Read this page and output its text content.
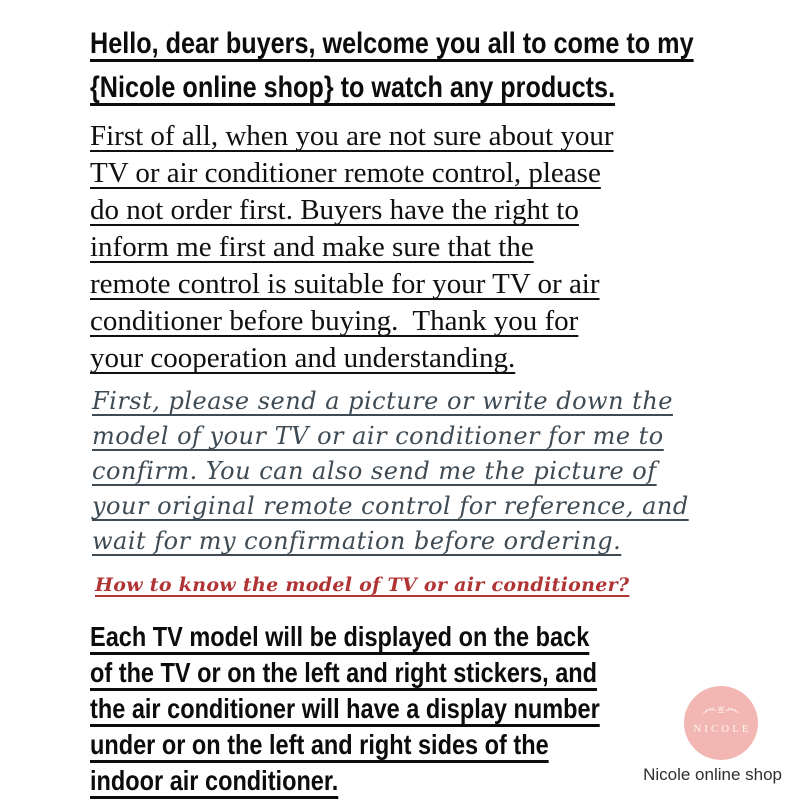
Hello, dear buyers, welcome you all to come to my
{Nicole online shop} to watch any products.
First of all, when you are not sure about your
TV or air conditioner remote control, please
do not order first. Buyers have the right to
inform me first and make sure that the
remote control is suitable for your TV or air
conditioner before buying.  Thank you for
your cooperation and understanding.
First, please send a picture or write down the
model of your TV or air conditioner for me to
confirm. You can also send me the picture of
your original remote control for reference, and
wait for my confirmation before ordering.
How to know the model of TV or air conditioner?
Each TV model will be displayed on the back
of the TV or on the left and right stickers, and
the air conditioner will have a display number
under or on the left and right sides of the
indoor air conditioner.
NICOLE
· · · ·
Nicole online shop
